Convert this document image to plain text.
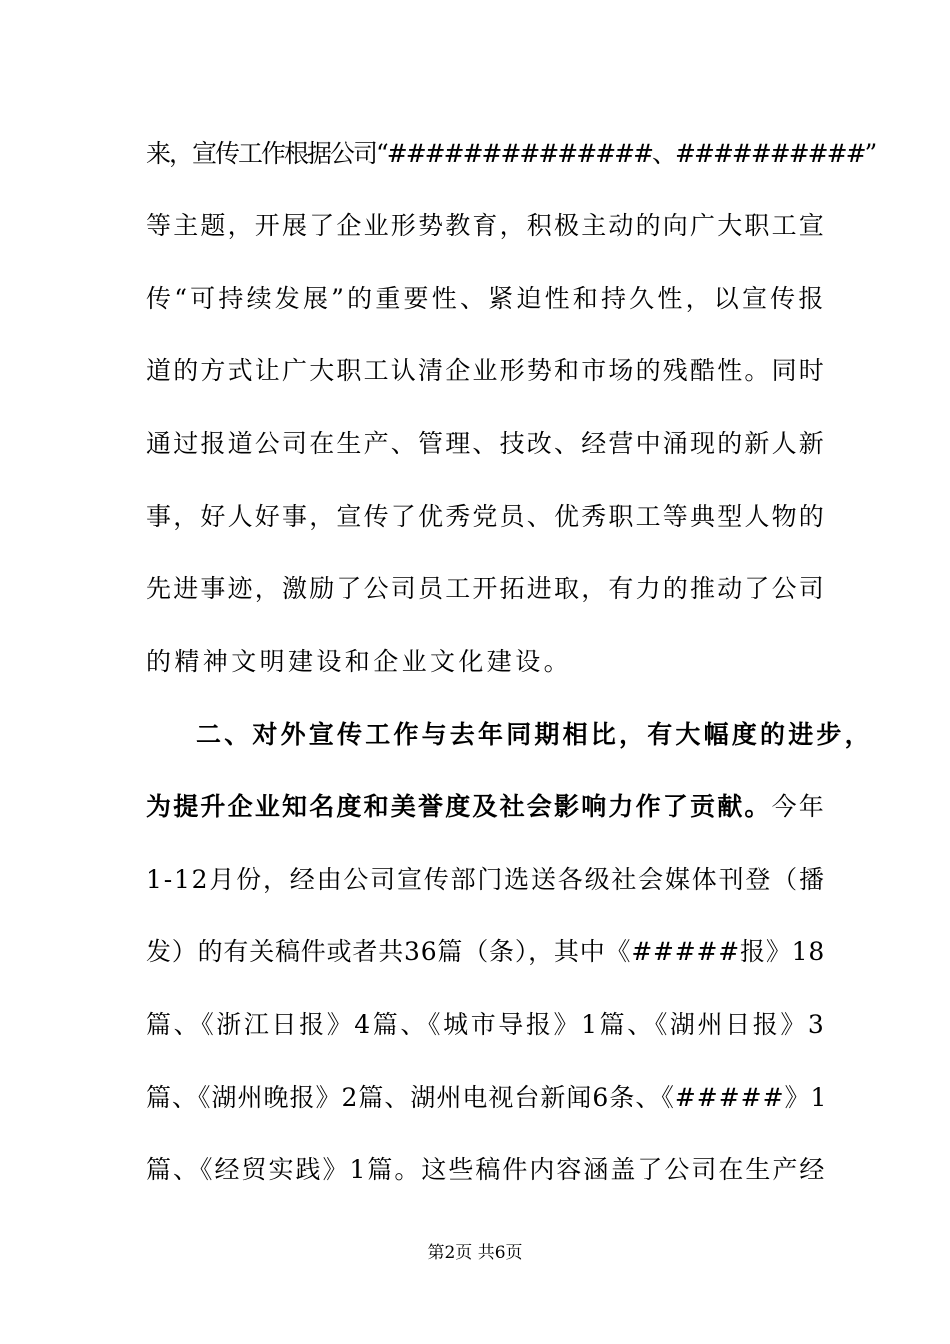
来，宣传工作根据公司“##############、##########”
等主题，开展了企业形势教育，积极主动的向广大职工宣
传“可持续发展”的重要性、紧迫性和持久性，以宣传报
道的方式让广大职工认清企业形势和市场的残酷性。同时
通过报道公司在生产、管理、技改、经营中涌现的新人新
事，好人好事，宣传了优秀党员、优秀职工等典型人物的
先进事迹，激励了公司员工开拓进取，有力的推动了公司
的精神文明建设和企业文化建设。
二、对外宣传工作与去年同期相比，有大幅度的进步，
为提升企业知名度和美誉度及社会影响力作了贡献。今年
1-12月份，经由公司宣传部门选送各级社会媒体刊登（播
发）的有关稿件或者共36篇（条），其中《#####报》18
篇、《浙江日报》4篇、《城市导报》1篇、《湖州日报》3
篇、《湖州晚报》2篇、湖州电视台新闻6条、《#####》1
篇、《经贸实践》1篇。这些稿件内容涵盖了公司在生产经
第2页 共6页
